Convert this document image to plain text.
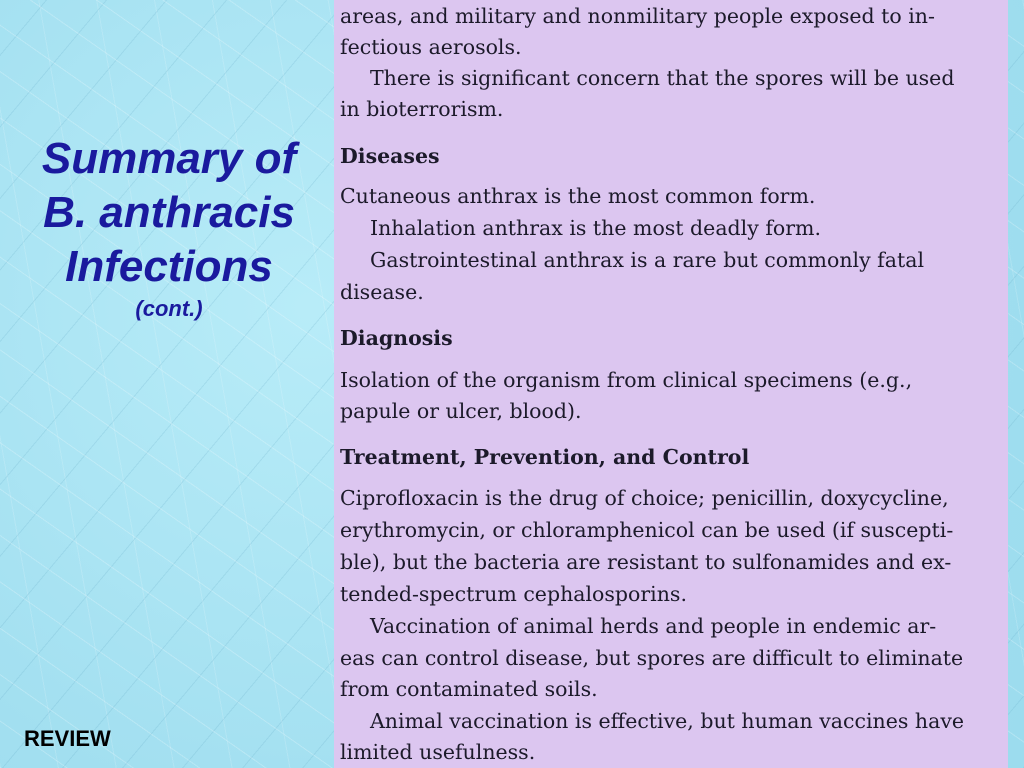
Summary of
B. anthracis
Infections
(cont.)
REVIEW
areas, and military and nonmilitary people exposed to in-
fectious aerosols.
There is significant concern that the spores will be used
in bioterrorism.
Diseases
Cutaneous anthrax is the most common form.
Inhalation anthrax is the most deadly form.
Gastrointestinal anthrax is a rare but commonly fatal
disease.
Diagnosis
Isolation of the organism from clinical specimens (e.g.,
papule or ulcer, blood).
Treatment, Prevention, and Control
Ciprofloxacin is the drug of choice; penicillin, doxycycline,
erythromycin, or chloramphenicol can be used (if suscepti-
ble), but the bacteria are resistant to sulfonamides and ex-
tended-spectrum cephalosporins.
Vaccination of animal herds and people in endemic ar-
eas can control disease, but spores are difficult to eliminate
from contaminated soils.
Animal vaccination is effective, but human vaccines have
limited usefulness.
